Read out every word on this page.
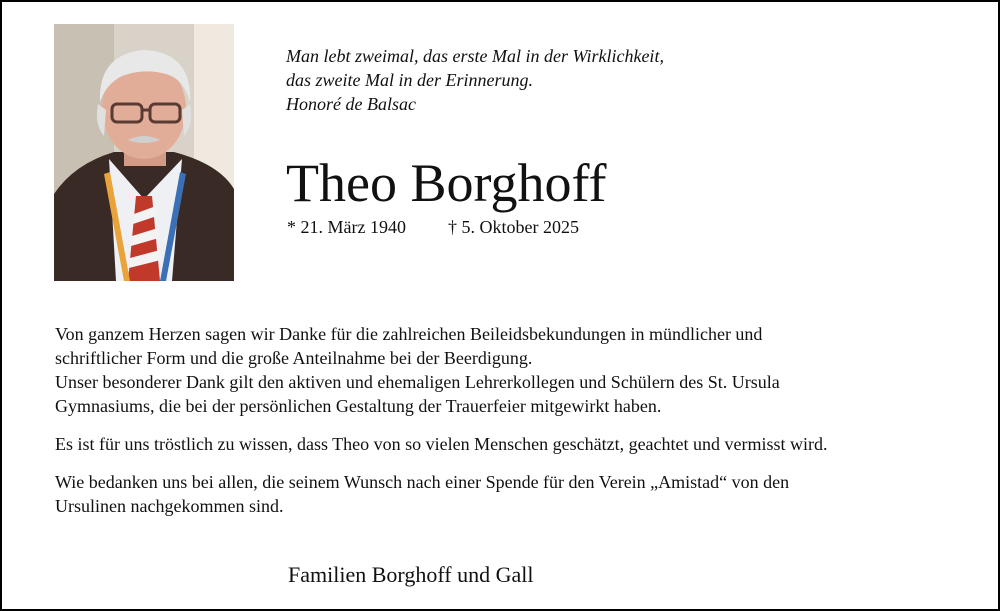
Man lebt zweimal, das erste Mal in der Wirklichkeit,
das zweite Mal in der Erinnerung.
Honoré de Balsac
Theo Borghoff
* 21. März 1940 † 5. Oktober 2025

Von ganzem Herzen sagen wir Danke für die zahlreichen Beileidsbekundungen in mündlicher und

schriftlicher Form und die große Anteilnahme bei der Beerdigung.

Unser besonderer Dank gilt den aktiven und ehemaligen Lehrerkollegen und Schülern des St. Ursula

Gymnasiums, die bei der persönlichen Gestaltung der Trauerfeier mitgewirkt haben.

Es ist für uns tröstlich zu wissen, dass Theo von so vielen Menschen geschätzt, geachtet und vermisst wird.

Wie bedanken uns bei allen, die seinem Wunsch nach einer Spende für den Verein „Amistad“ von den

Ursulinen nachgekommen sind.

Familien Borghoff und Gall
